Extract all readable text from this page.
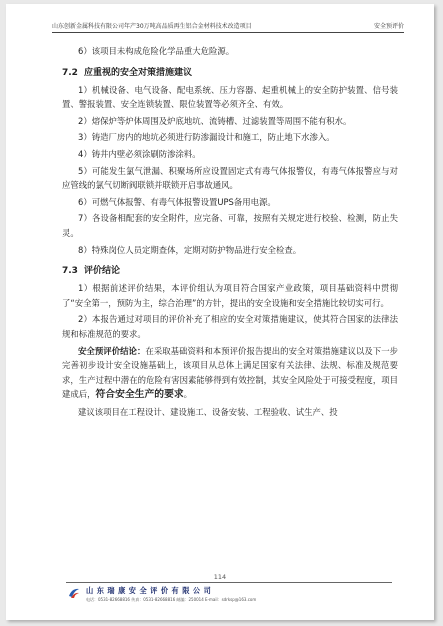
山东创新金属科技有限公司年产30万吨高品质再生铝合金材料技术改造项目	安全预评价

6）该项目未构成危险化学品重大危险源。

7.2 应重视的安全对策措施建议

1）机械设备、电气设备、配电系统、压力容器、起重机械上的安全防护装置、信号装置、警报装置、安全连锁装置、限位装置等必须齐全、有效。

2）熔保炉等炉体周围及炉底地坑、流铸槽、过滤装置等周围不能有积水。

3）铸造厂房内的地坑必须进行防渗漏设计和施工，防止地下水渗入。

4）铸井内壁必须涂刷防渗涂料。

5）可能发生氯气泄漏、积聚场所应设置固定式有毒气体报警仪，有毒气体报警应与对应管线的氯气切断阀联锁并联锁开启事故通风。

6）可燃气体报警、有毒气体报警设置UPS备用电源。

7）各设备相配套的安全附件，应完备、可靠，按照有关规定进行校验、检测，防止失灵。

8）特殊岗位人员定期查体，定期对防护物品进行安全检查。

7.3 评价结论

1）根据前述评价结果，本评价组认为项目符合国家产业政策，项目基础资料中贯彻了“安全第一，预防为主，综合治理”的方针，提出的安全设施和安全措施比较切实可行。

2）本报告通过对项目的评价补充了相应的安全对策措施建议，使其符合国家的法律法规和标准规范的要求。

安全预评价结论：在采取基础资料和本预评价报告提出的安全对策措施建议以及下一步完善初步设计安全设施基础上，该项目从总体上满足国家有关法律、法规、标准及规范要求，生产过程中潜在的危险有害因素能够得到有效控制，其安全风险处于可接受程度，项目建成后，符合安全生产的要求。

建议该项目在工程设计、建设施工、设备安装、工程验收、试生产、投

114
山东瑞康安全评价有限公司
电话：0531-82668816 传真：0531-82668816 邮编：250014 E-mail：sdrksp@163.com
